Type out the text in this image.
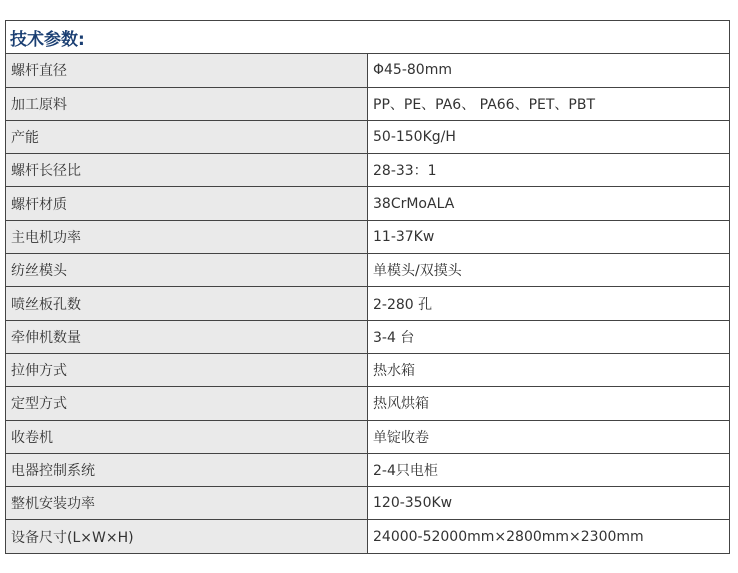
技术参数:	
螺杆直径	Φ45-80mm
加工原料	PP、PE、PA6、 PA66、PET、PBT
产能	50-150Kg/H
螺杆长径比	28-33：1
螺杆材质	38CrMoALA
主电机功率	11-37Kw
纺丝模头	单模头/双摸头
喷丝板孔数	2-280 孔
牵伸机数量	3-4 台
拉伸方式	热水箱
定型方式	热风烘箱
收卷机	单锭收卷
电器控制系统	2-4只电柜
整机安装功率	120-350Kw
设备尺寸(L×W×H)	24000-52000mm×2800mm×2300mm
